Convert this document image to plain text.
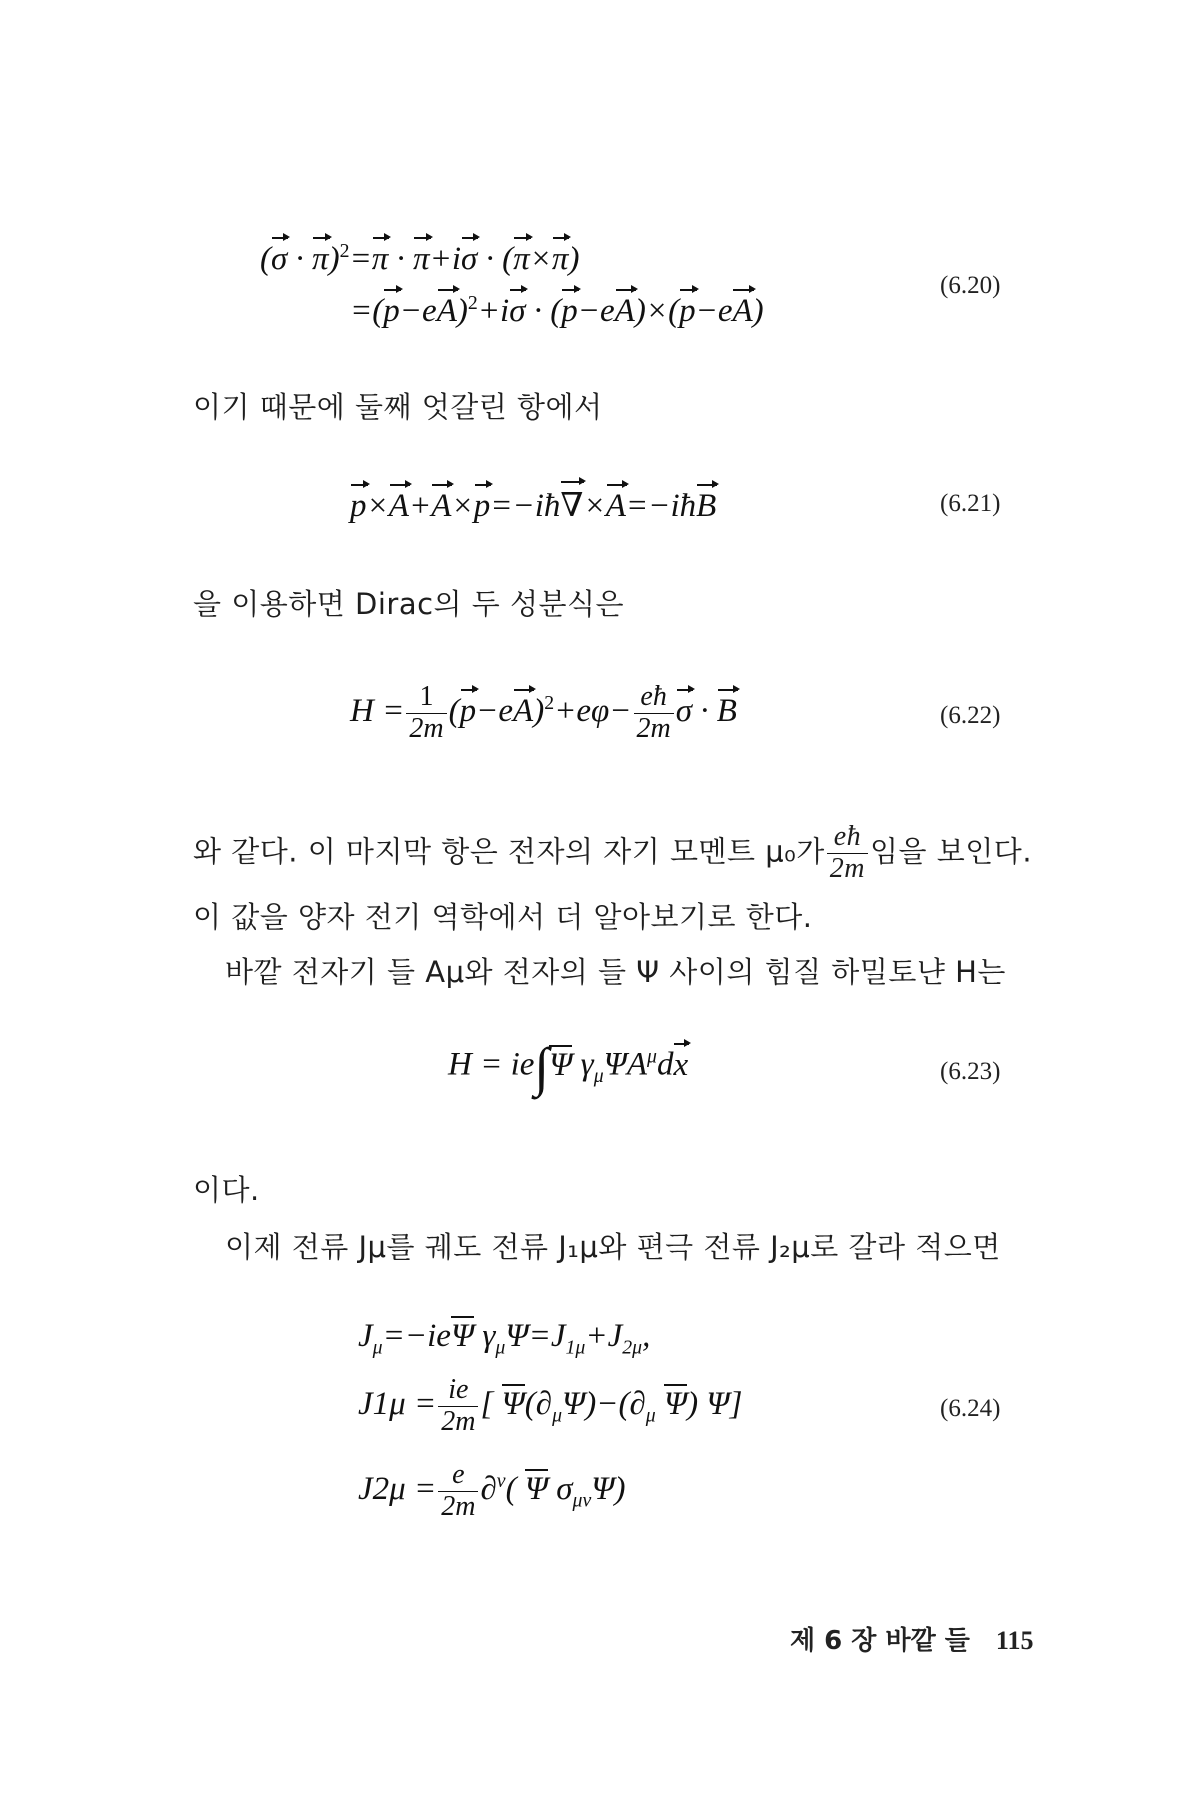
$(\sigma \cdot \pi)^2=\pi \cdot \pi+i\sigma \cdot (\pi\times\pi)$
$=(p-eA)^2+i\sigma \cdot (p-eA)\times(p-eA)$
(6.20)
이기 때문에 둘째 엇갈린 항에서
p×A+A×p=−iħ∇×A=−iħB	(6.21)
을 이용하면 Dirac의 두 성분식은
$H = \frac{1}{2m} (p-eA)^2+e\varphi- \frac{eħ}{2m}$ σ · B	(6.22)
와 같다. 이 마지막 항은 전자의 자기 모멘트 μ₀가 $\frac{eħ}{2m}$ 임을 보인다.
이 값을 양자 전기 역학에서 더 알아보기로 한다.
바깥 전자기 들 Aμ와 전자의 들 Ψ 사이의 힘질 하밀토냔 H는
H = ie∫Ψ $\gamma_\mu\Psi A^\mu dx$	(6.23)
이다.
이제 전류 Jμ를 궤도 전류 J₁μ와 편극 전류 J₂μ로 갈라 적으면
$J_\mu=-ie\Psi$ $\gamma_\mu\Psi=J_{1\mu}+J_{2\mu}$,
$J1\mu = \frac{ie}{2m}$ [ $\Psi(\partial_\mu\Psi)-(\partial_\mu$ Ψ) Ψ]	(6.24)
$J2\mu = \frac{e}{2m} \partial^\nu$( Ψ $\sigma_{\mu\nu}\Psi$)
제 6 장 바깥 들 115
